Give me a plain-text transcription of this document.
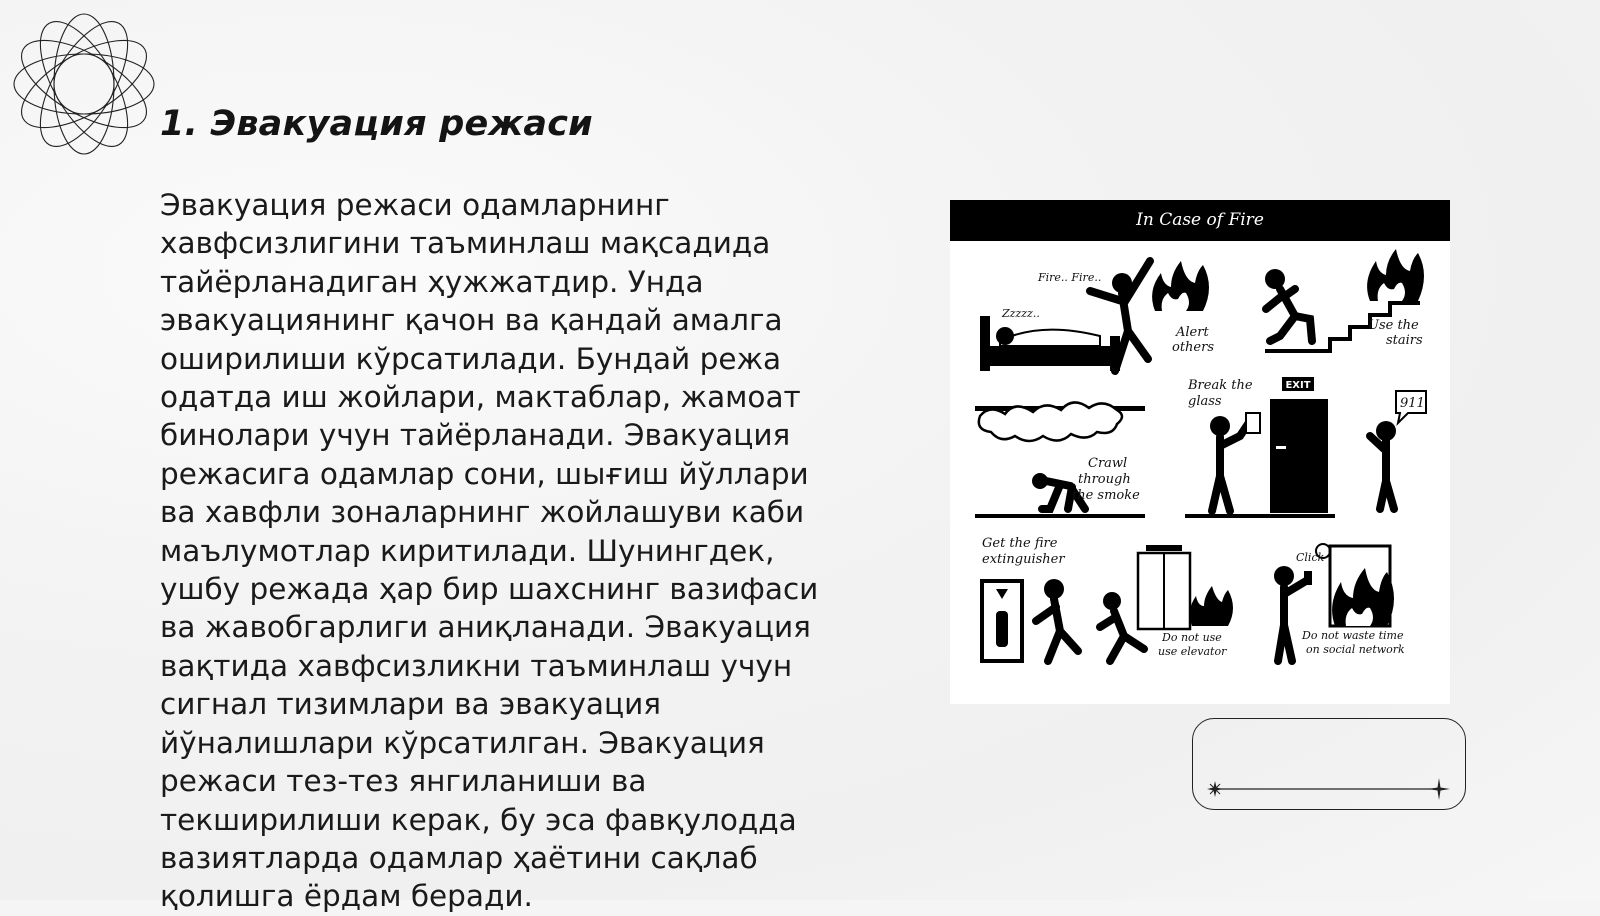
1. Эвакуация режаси
Эвакуация режаси одамларнинг хавфсизлигини таъминлаш мақсадида тайёрланадиган ҳужжатдир. Унда эвакуациянинг қачон ва қандай амалга оширилиши кўрсатилади. Бундай режа одатда иш жойлари, мактаблар, жамоат бинолари учун тайёрланади. Эвакуация режасига одамлар сони, шығиш йўллари ва хавфли зоналарнинг жойлашуви каби маълумотлар киритилади. Шунингдек, ушбу режада ҳар бир шахснинг вазифаси ва жавобгарлиги аниқланади. Эвакуация вақтида хавфсизликни таъминлаш учун сигнал тизимлари ва эвакуация йўналишлари кўрсатилган. Эвакуация режаси тез-тез янгиланиши ва текширилиши керак, бу эса фавқулодда вазиятларда одамлар ҳаётини сақлаб қолишга ёрдам беради.
In Case of Fire
Fire.. Fire..
Zzzzz..
Alert
others
Use the
stairs
Crawl
through
the smoke
EXIT
Break the
glass	911
Get the fire
extinguisher
Do not use
use elevator
Click
Do not waste time
on social network
